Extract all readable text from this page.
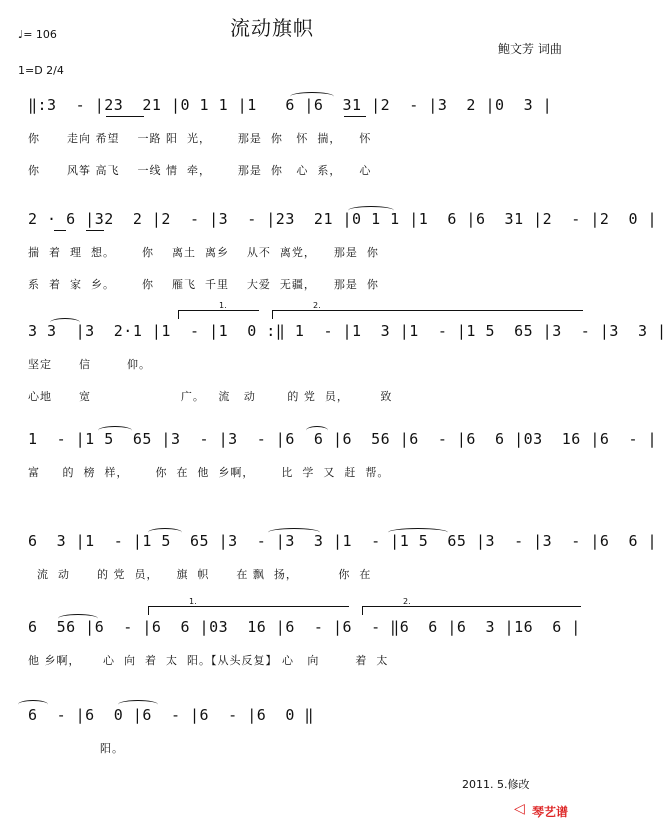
流动旗帜
♩= 106
1=D 2/4
鲍文芳 词曲
‖:3  - |23  21 |0 1 1 |1   6 |6  31 |2  - |3  2 |0  3 |
你      走向 希望    一路 阳  光，      那是  你   怀  揣，    怀
你      风筝 高飞    一线 情  牵，      那是  你   心  系，    心
2 · 6 |32  2 |2  - |3  - |23  21 |0 1 1 |1  6 |6  31 |2  - |2  0 |
揣  着  理  想。      你    离土  离乡    从不  离党，    那是  你
系  着  家  乡。      你    雁飞  千里    大爱  无疆，    那是  你
1.	2.
3 3  |3  2·1 |1  - |1  0 :‖ 1  - |1  3 |1  - |1 5  65 |3  - |3  3 |
坚定      信        仰。
心地      宽                    广。   流   动       的 党  员，       致
1  - |1 5  65 |3  - |3  - |6  6 |6  56 |6  - |6  6 |03  16 |6  - |
富     的  榜  样，      你  在  他  乡啊，      比  学  又  赶  帮。
6  3 |1  - |1 5  65 |3  - |3  3 |1  - |1 5  65 |3  - |3  - |6  6 |
流  动      的 党  员，    旗  帜      在 飘  扬，         你  在
1.	2.
6  56 |6  - |6  6 |03  16 |6  - |6  - ‖6  6 |6  3 |16  6 |
他 乡啊，     心  向  着  太  阳。【从头反复】 心   向        着  太
6  - |6  0 |6  - |6  - |6  0 ‖
阳。
2011. 5.修改
◁ 琴艺谱
